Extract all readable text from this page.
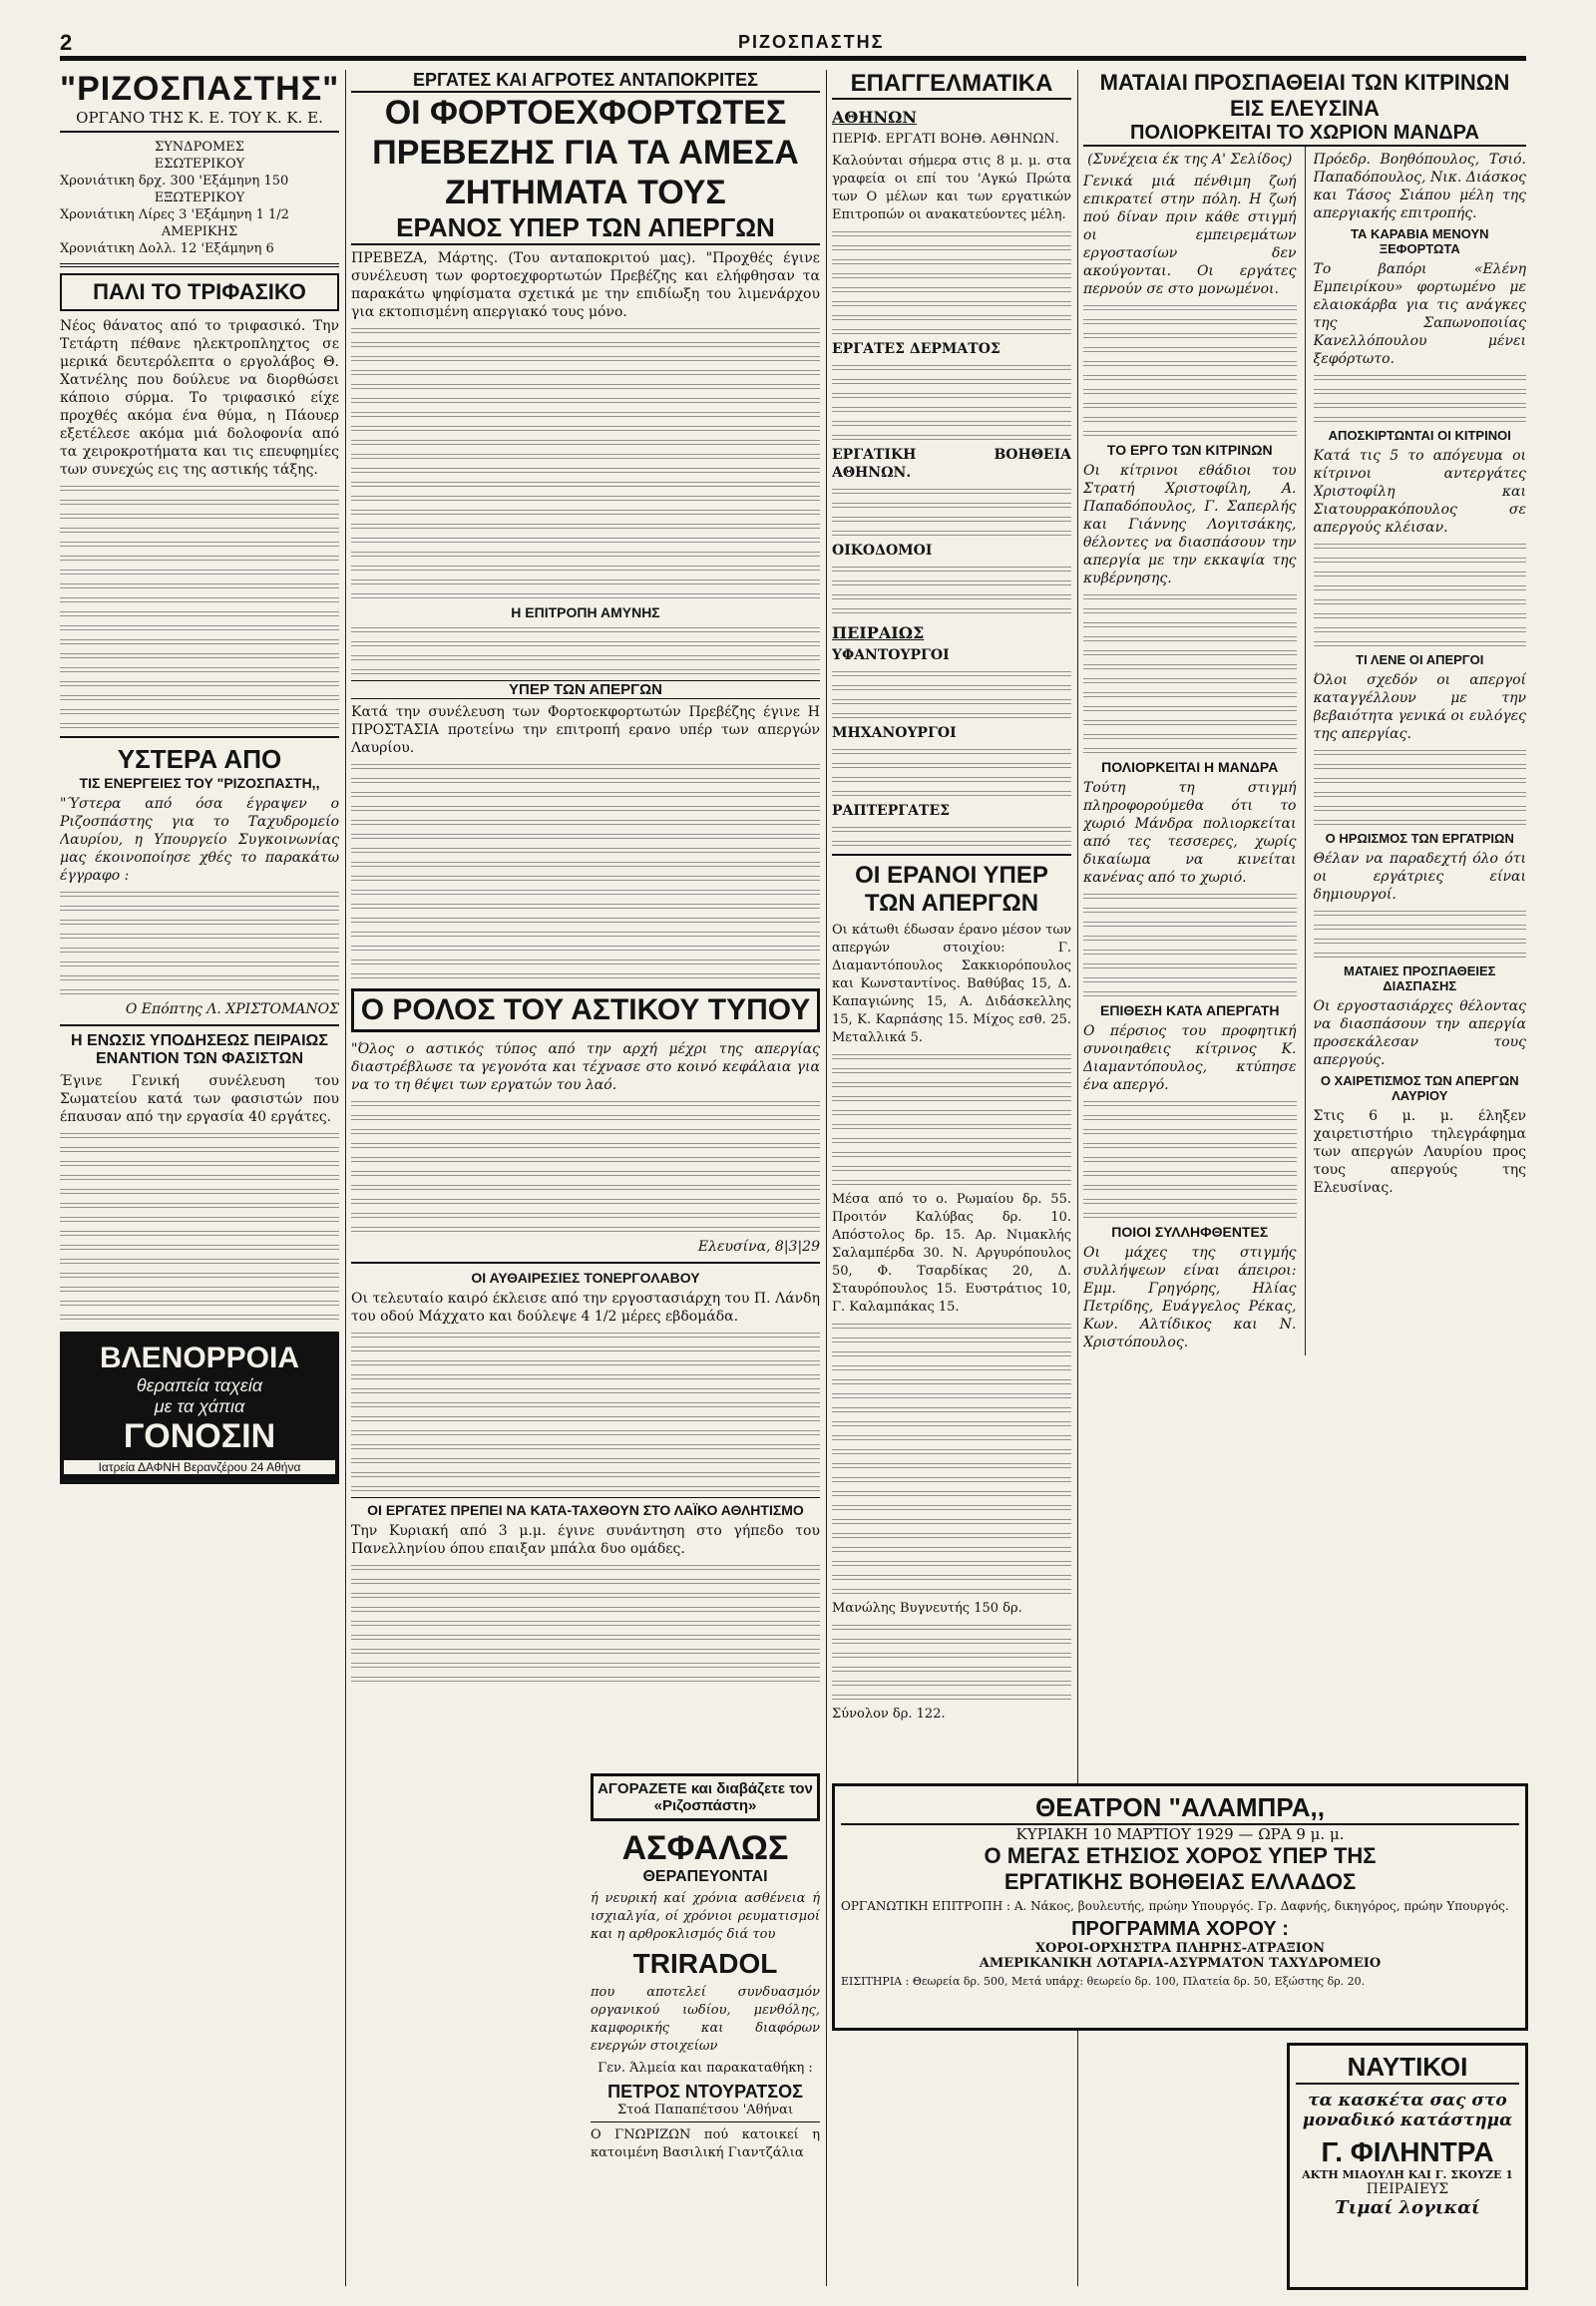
2	ΡΙΖΟΣΠΑΣΤΗΣ
"ΡΙΖΟΣΠΑΣΤΗΣ"
ΟΡΓΑΝΟ ΤΗΣ Κ. Ε. ΤΟΥ Κ. Κ. Ε.
ΣΥΝΔΡΟΜΕΣ
ΕΣΩΤΕΡΙΚΟΥ
Χρονιάτικη δρχ. 300 'Εξάμηνη 150
ΕΞΩΤΕΡΙΚΟΥ
Χρονιάτικη Λίρες 3 'Εξάμηνη 1 1/2
ΑΜΕΡΙΚΗΣ
Χρονιάτικη Δολλ. 12 'Εξάμηνη 6
ΠΑΛΙ ΤΟ ΤΡΙΦΑΣΙΚΟ

Νέος θάνατος από το τριφασικό. Την Τετάρτη πέθανε ηλεκτροπληχτος σε μερικά δευτερόλεπτα ο εργολάβος Θ. Χατνέλης που δούλευε να διορθώσει κάποιο σύρμα. Το τριφασικό είχε προχθές ακόμα ένα θύμα, η Πάουερ εξετέλεσε ακόμα μιά δολοφονία από τα χειροκροτήματα και τις επευφημίες των συνεχώς εις της αστικής τάξης.

ΥΣΤΕΡΑ ΑΠΟ
ΤΙΣ ΕΝΕΡΓΕΙΕΣ ΤΟΥ "ΡΙΖΟΣΠΑΣΤΗ,,

"Ύστερα από όσα έγραψεν ο Ριζοσπάστης για το Ταχυδρομείο Λαυρίου, η Υπουργείο Συγκοινωνίας μας έκοινοποίησε χθές το παρακάτω έγγραφο :

Ο Επόπτης Λ. ΧΡΙΣΤΟΜΑΝΟΣ

Η ΕΝΩΣΙΣ ΥΠΟΔΗΣΕΩΣ ΠΕΙΡΑΙΩΣ ΕΝΑΝΤΙΟΝ ΤΩΝ ΦΑΣΙΣΤΩΝ

Έγινε Γενική συνέλευση του Σωματείου κατά των φασιστών που έπαυσαν από την εργασία 40 εργάτες.

ΒΛΕΝΟΡΡΟΙΑ
θεραπεία ταχεία
με τα χάπια
ΓΟΝΟΣΙΝ
Ιατρεία ΔΑΦΝΗ Βερανζέρου 24 Αθήνα
ΕΡΓΑΤΕΣ ΚΑΙ ΑΓΡΟΤΕΣ ΑΝΤΑΠΟΚΡΙΤΕΣ
ΟΙ ΦΟΡΤΟΕΧΦΟΡΤΩΤΕΣ ΠΡΕΒΕΖΗΣ ΓΙΑ ΤΑ ΑΜΕΣΑ ΖΗΤΗΜΑΤΑ ΤΟΥΣ
ΕΡΑΝΟΣ ΥΠΕΡ ΤΩΝ ΑΠΕΡΓΩΝ

ΠΡΕΒΕΖΑ, Μάρτης. (Του ανταποκριτού μας). "Προχθές έγινε συνέλευση των φορτοεχφορτωτών Πρεβέζης και ελήφθησαν τα παρακάτω ψηφίσματα σχετικά με την επιδίωξη του λιμενάρχου για εκτοπισμένη απεργιακό τους μόνο.

Η ΕΠΙΤΡΟΠΗ ΑΜΥΝΗΣ
ΥΠΕΡ ΤΩΝ ΑΠΕΡΓΩΝ

Κατά την συνέλευση των Φορτοεκφορτωτών Πρεβέζης έγινε Η ΠΡΟΣΤΑΣΙΑ προτείνω την επιτροπή ερανο υπέρ των απεργών Λαυρίου.

Ο ΡΟΛΟΣ ΤΟΥ ΑΣΤΙΚΟΥ ΤΥΠΟΥ

"Όλος ο αστικός τύπος από την αρχή μέχρι της απεργίας διαστρέβλωσε τα γεγονότα και τέχνασε στο κοινό κεφάλαια για να το τη θέψει των εργατών του λαό.

Ελευσίνα, 8|3|29

ΟΙ ΑΥΘΑΙΡΕΣΙΕΣ ΤΟΝΕΡΓΟΛΑΒΟΥ

Οι τελευταίο καιρό έκλεισε από την εργοστασιάρχη του Π. Λάνδη του οδού Μάχχατο και δούλεψε 4 1/2 μέρες εβδομάδα.

ΟΙ ΕΡΓΑΤΕΣ ΠΡΕΠΕΙ ΝΑ ΚΑΤΑ-ΤΑΧΘΟΥΝ ΣΤΟ ΛΑΪΚΟ ΑΘΛΗΤΙΣΜΟ

Την Κυριακή από 3 μ.μ. έγινε συνάντηση στο γήπεδο του Πανελληνίου όπου επαιξαν μπάλα δυο ομάδες.

ΑΓΟΡΑΖΕΤΕ και διαβάζετε τον «Ριζοσπάστη»
ΑΣΦΑΛΩΣ
ΘΕΡΑΠΕΥΟΝΤΑΙ

ή νευρική καί χρόνια ασθένεια ή ισχιαλγία, οί χρόνιοι ρευματισμοί και η αρθροκλισμός διά του

TRIRADOL

που αποτελεί συνδυασμόν οργανικού ιωδίου, μενθόλης, καμφορικής και διαφόρων ενεργών στοιχείων

Γεν. Άλμεία και παρακαταθήκη :

ΠΕΤΡΟΣ ΝΤΟΥΡΑΤΣΟΣ
Στοά Παπαπέτσου 'Αθήναι

Ο ΓΝΩΡΙΖΩΝ πού κατοικεί η κατοιμένη Βασιλική Γιαντζάλια

ΕΠΑΓΓΕΛΜΑΤΙΚΑ
ΑΘΗΝΩΝ

ΠΕΡΙΦ. ΕΡΓΑΤΙ ΒΟΗΘ. ΑΘΗΝΩΝ.

Καλούνται σήμερα στις 8 μ. μ. στα γραφεία οι επί του 'Αγκώ Πρώτα των Ο μέλων και των εργατικών Επιτροπών οι ανακατεύοντες μέλη.

ΕΡΓΑΤΕΣ ΔΕΡΜΑΤΟΣ

ΕΡΓΑΤΙΚΗ ΒΟΗΘΕΙΑ ΑΘΗΝΩΝ.

ΟΙΚΟΔΟΜΟΙ

ΠΕΙΡΑΙΩΣ

ΥΦΑΝΤΟΥΡΓΟΙ

ΜΗΧΑΝΟΥΡΓΟΙ

ΡΑΠΤΕΡΓΑΤΕΣ

ΟΙ ΕΡΑΝΟΙ ΥΠΕΡ ΤΩΝ ΑΠΕΡΓΩΝ

Οι κάτωθι έδωσαν έρανο μέσον των απεργών στοιχίου: Γ. Διαμαντόπουλος Σακκιορόπουλος και Κωνσταντίνος. Βαθύβας 15, Δ. Καπαγιώνης 15, Α. Διδάσκελλης 15, Κ. Καρπάσης 15. Μίχος εσθ. 25. Μεταλλικά 5.

Μέσα από το ο. Ρωμαίου δρ. 55. Προιτόν Καλύβας δρ. 10. Απόστολος δρ. 15. Αρ. Νιμακλής Σαλαμπέρδα 30. Ν. Αργυρόπουλος 50, Φ. Τσαρδίκας 20, Δ. Σταυρόπουλος 15. Ευστράτιος 10, Γ. Καλαμπάκας 15.

Μανώλης Βυγνευτής 150 δρ.

Σύνολον δρ. 122.

ΜΑΤΑΙΑΙ ΠΡΟΣΠΑΘΕΙΑΙ ΤΩΝ ΚΙΤΡΙΝΩΝ ΕΙΣ ΕΛΕΥΣΙΝΑ
ΠΟΛΙΟΡΚΕΙΤΑΙ ΤΟ ΧΩΡΙΟΝ ΜΑΝΔΡΑ

(Συνέχεια έκ της Α' Σελίδος)

Γενικά μιά πένθιμη ζωή επικρατεί στην πόλη. Η ζωή πού δίναν πριν κάθε στιγμή οι εμπειρεμάτων εργοστασίων δεν ακούγονται. Οι εργάτες περνούν σε στο μονωμένοι.

ΤΟ ΕΡΓΟ ΤΩΝ ΚΙΤΡΙΝΩΝ

Οι κίτρινοι εθάδιοι του Στρατή Χριστοφίλη, Α. Παπαδόπουλος, Γ. Σαπερλής και Γιάννης Λογιτσάκης, θέλοντες να διασπάσουν την απεργία με την εκκαψία της κυβέρνησης.

ΠΟΛΙΟΡΚΕΙΤΑΙ Η ΜΑΝΔΡΑ

Τούτη τη στιγμή πληροφορούμεθα ότι το χωριό Μάνδρα πολιορκείται από τες τεσσερες, χωρίς δικαίωμα να κινείται κανένας από το χωριό.

ΕΠΙΘΕΣΗ ΚΑΤΑ ΑΠΕΡΓΑΤΗ

Ο πέρσιος του προφητική συνοιηαθεις κίτρινος Κ. Διαμαντόπουλος, κτύπησε ένα απεργό.

ΠΟΙΟΙ ΣΥΛΛΗΦΘΕΝΤΕΣ

Οι μάχες της στιγμής συλλήψεων είναι άπειροι: Εμμ. Γρηγόρης, Ηλίας Πετρίδης, Ευάγγελος Ρέκας, Κων. Αλτίδικος και Ν. Χριστόπουλος.

Πρόεδρ. Βοηθόπουλος, Τσιό. Παπαδόπουλος, Νικ. Διάσκος και Τάσος Σιάπου μέλη της απεργιακής επιτροπής.

ΤΑ ΚΑΡΑΒΙΑ ΜΕΝΟΥΝ ΞΕΦΟΡΤΩΤΑ

Το βαπόρι «Ελένη Εμπειρίκου» φορτωμένο με ελαιοκάρβα για τις ανάγκες της Σαπωνοποιίας Κανελλόπουλου μένει ξεφόρτωτο.

ΑΠΟΣΚΙΡΤΩΝΤΑΙ ΟΙ ΚΙΤΡΙΝΟΙ

Κατά τις 5 το απόγευμα οι κίτρινοι αντεργάτες Χριστοφίλη και Σιατουρρακόπουλος σε απεργούς κλέισαν.

ΤΙ ΛΕΝΕ ΟΙ ΑΠΕΡΓΟΙ

Όλοι σχεδόν οι απεργοί καταγγέλλουν με την βεβαιότητα γενικά οι ευλόγες της απεργίας.

Ο ΗΡΩΙΣΜΟΣ ΤΩΝ ΕΡΓΑΤΡΙΩΝ

Θέλαν να παραδεχτή όλο ότι οι εργάτριες είναι δημιουργοί.

ΜΑΤΑΙΕΣ ΠΡΟΣΠΑΘΕΙΕΣ ΔΙΑΣΠΑΣΗΣ

Οι εργοστασιάρχες θέλοντας να διασπάσουν την απεργία προσεκάλεσαν τους απεργούς.

Ο ΧΑΙΡΕΤΙΣΜΟΣ ΤΩΝ ΑΠΕΡΓΩΝ ΛΑΥΡΙΟΥ

Στις 6 μ. μ. έληξεν χαιρετιστήριο τηλεγράφημα των απεργών Λαυρίου προς τους απεργούς της Ελευσίνας.

ΘΕΑΤΡΟΝ "ΑΛΑΜΠΡΑ,,
ΚΥΡΙΑΚΗ 10 ΜΑΡΤΙΟΥ 1929 — ΩΡΑ 9 μ. μ.
Ο ΜΕΓΑΣ ΕΤΗΣΙΟΣ ΧΟΡΟΣ ΥΠΕΡ ΤΗΣ
ΕΡΓΑΤΙΚΗΣ ΒΟΗΘΕΙΑΣ ΕΛΛΑΔΟΣ

ΟΡΓΑΝΩΤΙΚΗ ΕΠΙΤΡΟΠΗ : Α. Νάκος, βουλευτής, πρώην Υπουργός. Γρ. Δαφνής, δικηγόρος, πρώην Υπουργός.

ΠΡΟΓΡΑΜΜΑ ΧΟΡΟΥ :
ΧΟΡΟΙ-ΟΡΧΗΣΤΡΑ ΠΛΗΡΗΣ-ΑΤΡΑΞΙΟΝ
ΑΜΕΡΙΚΑΝΙΚΗ ΛΟΤΑΡΙΑ-ΑΣΥΡΜΑΤΟΝ ΤΑΧΥΔΡΟΜΕΙΟ

ΕΙΣΙΤΗΡΙΑ : Θεωρεία δρ. 500, Μετά υπάρχ: θεωρείο δρ. 100, Πλατεία δρ. 50, Εξώστης δρ. 20.

ΝΑΥΤΙΚΟΙ
τα κασκέτα σας στο μοναδικό κατάστημα
Γ. ΦΙΛΗΝΤΡΑ
ΑΚΤΗ ΜΙΑΟΥΛΗ ΚΑΙ Γ. ΣΚΟΥΖΕ 1
ΠΕΙΡΑΙΕΥΣ
Τιμαί λογικαί
